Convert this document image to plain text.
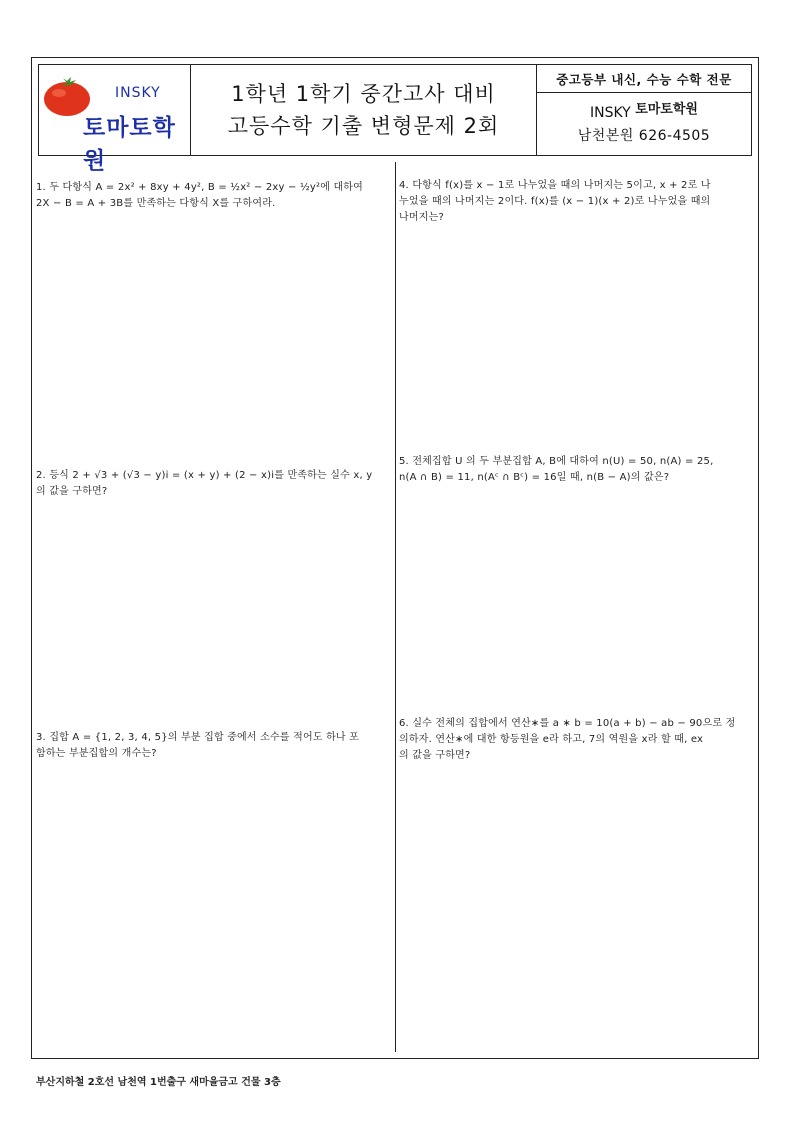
INSKY
토마토학원
1학년 1학기 중간고사 대비
고등수학 기출 변형문제 2회
중고등부 내신, 수능 수학 전문
INSKY 토마토학원
남천본원 626-4505
1. 두 다항식 A = 2x² + 8xy + 4y², B = ½x² − 2xy − ½y²에 대하여
2X − B = A + 3B를 만족하는 다항식 X를 구하여라.
2. 등식 2 + √3 + (√3 − y)i = (x + y) + (2 − x)i를 만족하는 실수 x, y
의 값을 구하면?
3. 집합 A = {1, 2, 3, 4, 5}의 부분 집합 중에서 소수를 적어도 하나 포
함하는 부분집합의 개수는?
4. 다항식 f(x)를 x − 1로 나누었을 때의 나머지는 5이고, x + 2로 나
누었을 때의 나머지는 2이다. f(x)를 (x − 1)(x + 2)로 나누었을 때의
나머지는?
5. 전체집합 U 의 두 부분집합 A, B에 대하여 n(U) = 50, n(A) = 25,
n(A ∩ B) = 11, n(Aᶜ ∩ Bᶜ) = 16일 때, n(B − A)의 값은?
6. 실수 전체의 집합에서 연산∗를 a ∗ b = 10(a + b) − ab − 90으로 정
의하자. 연산∗에 대한 항등원을 e라 하고, 7의 역원을 x라 할 때, ex
의 값을 구하면?
부산지하철 2호선 남천역 1번출구 새마을금고 건물 3층
